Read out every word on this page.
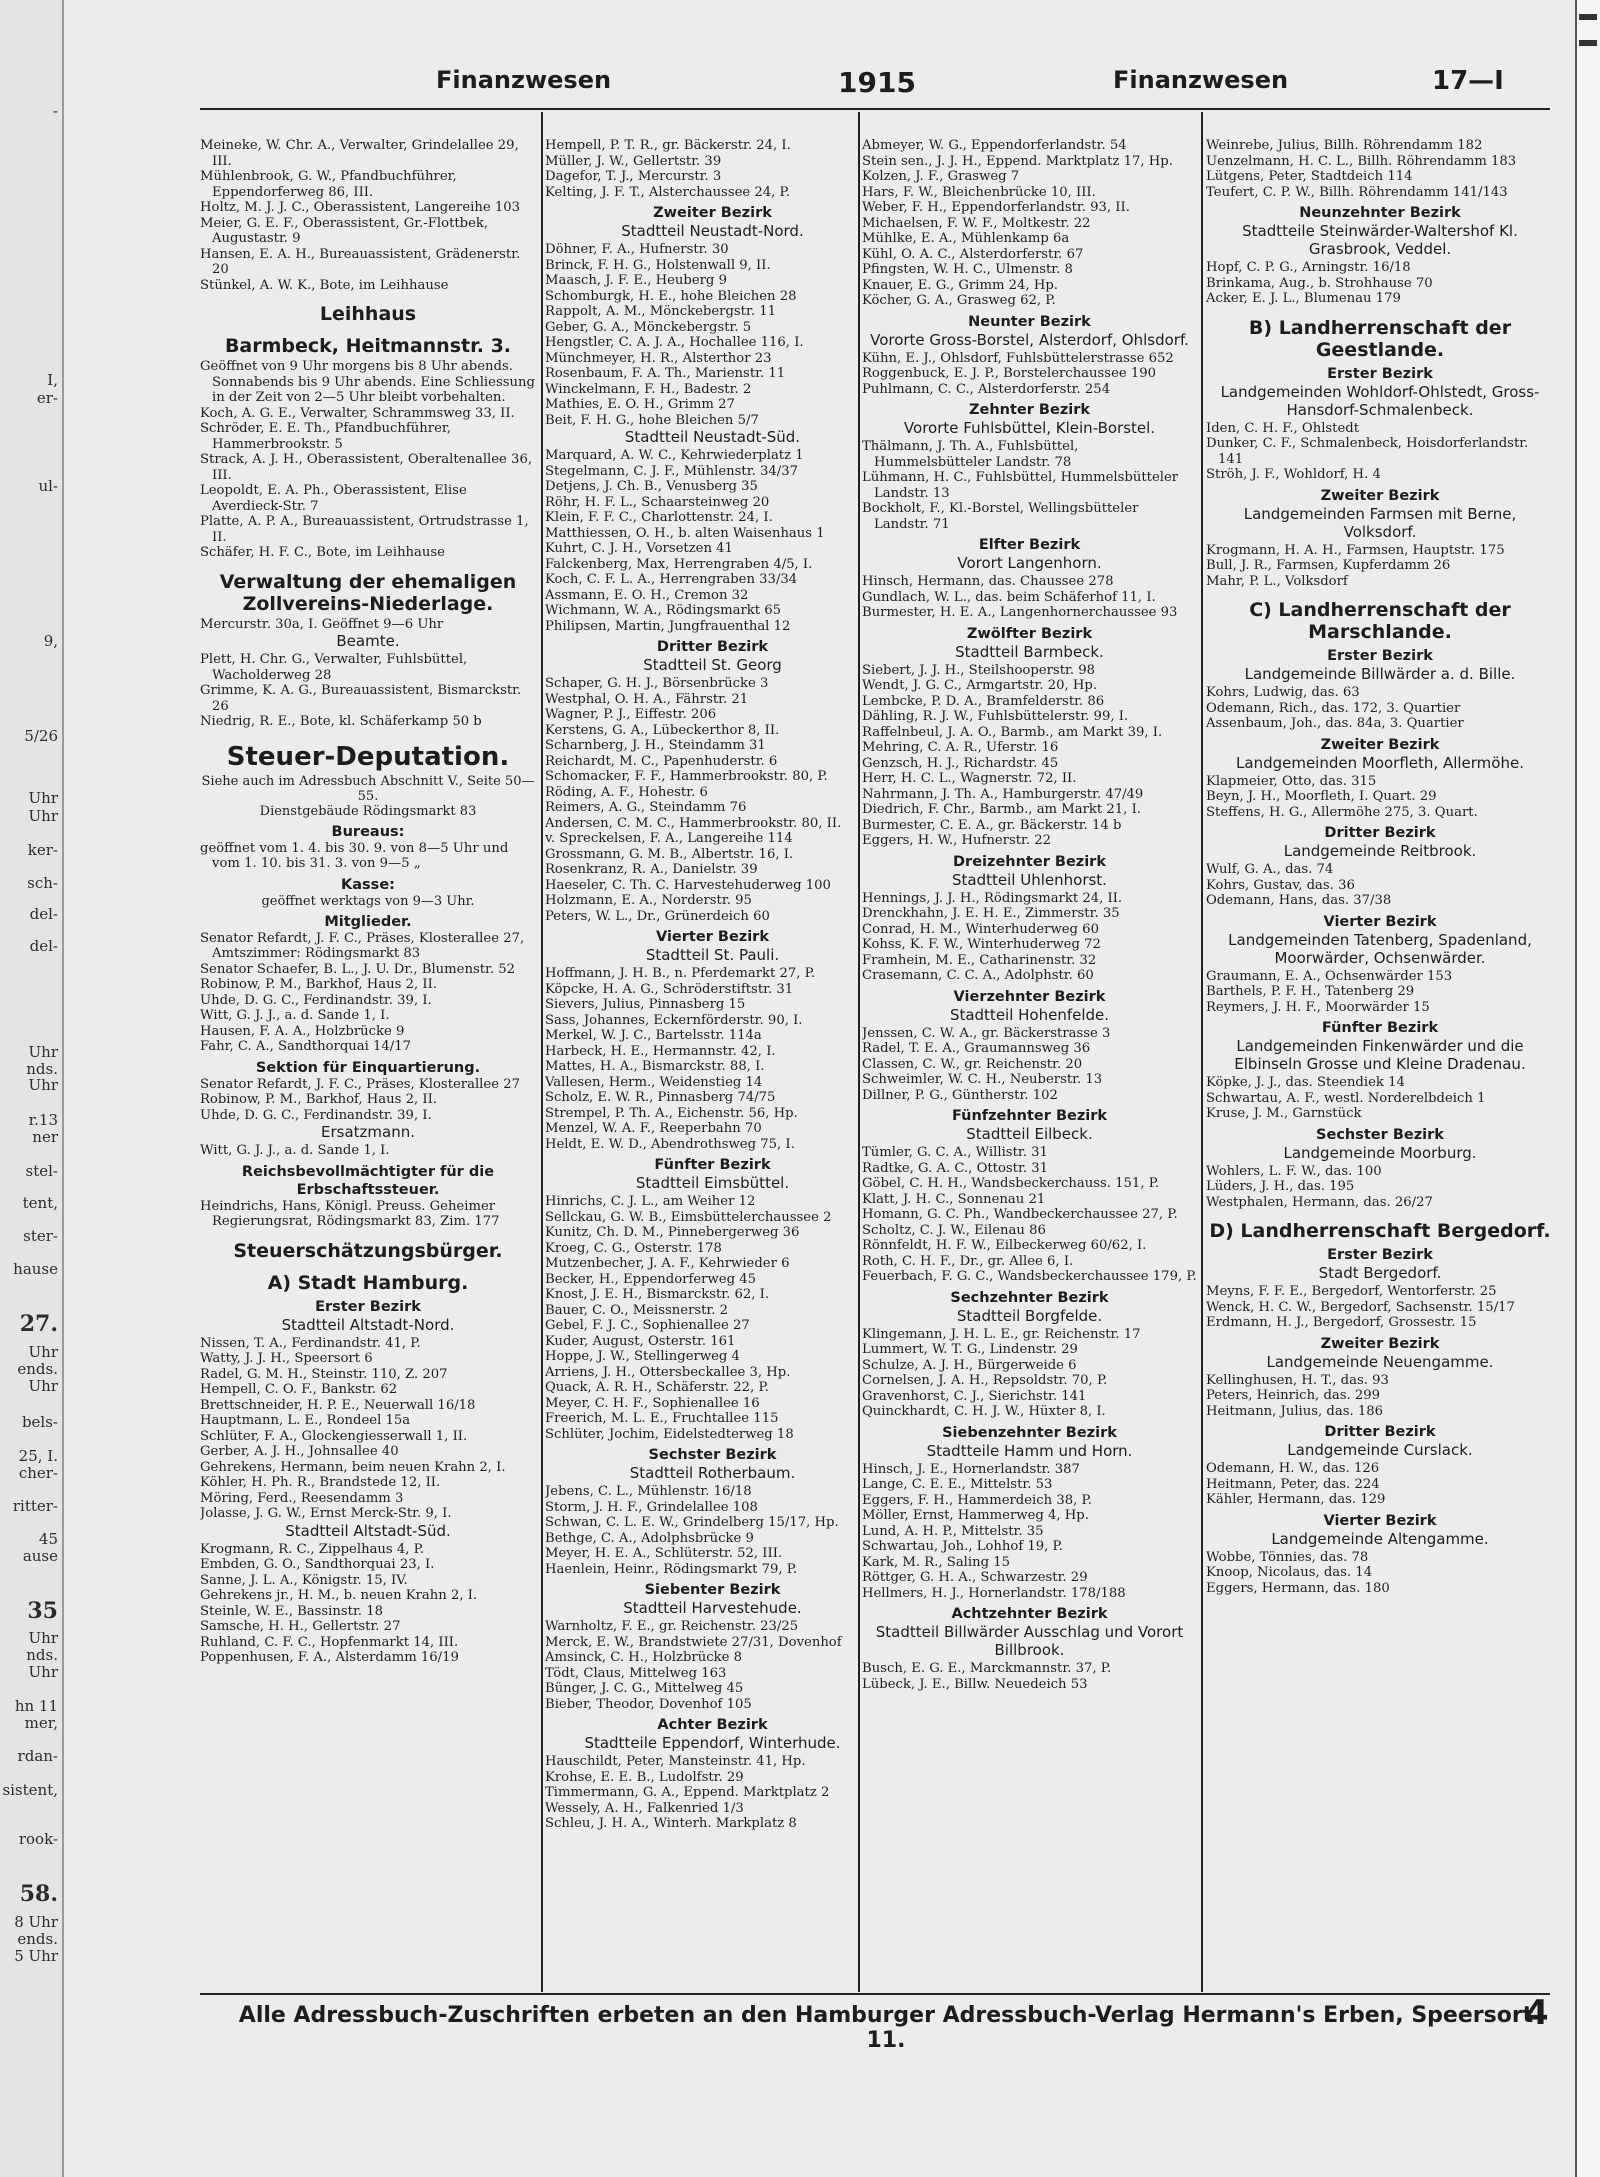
-
I,
er-
ul-
9,
5/26
Uhr
Uhr
ker-
sch-
del-
del-
Uhr
nds.
Uhr
r.13
ner
stel-
tent,
ster-
hause
27.
Uhr
ends.
Uhr
bels-
25, I.
cher-
ritter-
45
ause
35
Uhr
nds.
Uhr
hn 11
mer,
rdan-
sistent,
rook-
58.
8 Uhr
ends.
5 Uhr
Finanzwesen	1915	Finanzwesen	17—I

Meineke, W. Chr. A., Verwalter, Grindelallee 29, III.

Mühlenbrook, G. W., Pfandbuchführer, Eppendorferweg 86, III.

Holtz, M. J. J. C., Oberassistent, Langereihe 103

Meier, G. E. F., Oberassistent, Gr.-Flottbek, Augustastr. 9

Hansen, E. A. H., Bureauassistent, Grädenerstr. 20

Stünkel, A. W. K., Bote, im Leihhause

Leihhaus

Barmbeck, Heitmannstr. 3.

Geöffnet von 9 Uhr morgens bis 8 Uhr abends. Sonnabends bis 9 Uhr abends. Eine Schliessung in der Zeit von 2—5 Uhr bleibt vorbehalten.

Koch, A. G. E., Verwalter, Schrammsweg 33, II.

Schröder, E. E. Th., Pfandbuchführer, Hammerbrookstr. 5

Strack, A. J. H., Oberassistent, Oberaltenallee 36, III.

Leopoldt, E. A. Ph., Oberassistent, Elise Averdieck-Str. 7

Platte, A. P. A., Bureauassistent, Ortrudstrasse 1, II.

Schäfer, H. F. C., Bote, im Leihhause

Verwaltung der ehemaligen Zollvereins-Niederlage.

Mercurstr. 30a, I. Geöffnet 9—6 Uhr

Beamte.

Plett, H. Chr. G., Verwalter, Fuhlsbüttel, Wacholderweg 28

Grimme, K. A. G., Bureauassistent, Bismarckstr. 26

Niedrig, R. E., Bote, kl. Schäferkamp 50 b

Steuer-Deputation.

Siehe auch im Adressbuch Abschnitt V., Seite 50—55.

Dienstgebäude Rödingsmarkt 83

Bureaus:

geöffnet vom 1. 4. bis 30. 9. von 8—5 Uhr und vom 1. 10. bis 31. 3. von 9—5 „

Kasse:

geöffnet werktags von 9—3 Uhr.

Mitglieder.

Senator Refardt, J. F. C., Präses, Klosterallee 27, Amtszimmer: Rödingsmarkt 83

Senator Schaefer, B. L., J. U. Dr., Blumenstr. 52

Robinow, P. M., Barkhof, Haus 2, II.

Uhde, D. G. C., Ferdinandstr. 39, I.

Witt, G. J. J., a. d. Sande 1, I.

Hausen, F. A. A., Holzbrücke 9

Fahr, C. A., Sandthorquai 14/17

Sektion für Einquartierung.

Senator Refardt, J. F. C., Präses, Klosterallee 27

Robinow, P. M., Barkhof, Haus 2, II.

Uhde, D. G. C., Ferdinandstr. 39, I.

Ersatzmann.

Witt, G. J. J., a. d. Sande 1, I.

Reichsbevollmächtigter für die Erbschaftssteuer.

Heindrichs, Hans, Königl. Preuss. Geheimer Regierungsrat, Rödingsmarkt 83, Zim. 177

Steuerschätzungsbürger.

A) Stadt Hamburg.

Erster Bezirk

Stadtteil Altstadt-Nord.

Nissen, T. A., Ferdinandstr. 41, P.

Watty, J. J. H., Speersort 6

Radel, G. M. H., Steinstr. 110, Z. 207

Hempell, C. O. F., Bankstr. 62

Brettschneider, H. P. E., Neuerwall 16/18

Hauptmann, L. E., Rondeel 15a

Schlüter, F. A., Glockengiesserwall 1, II.

Gerber, A. J. H., Johnsallee 40

Gehrekens, Hermann, beim neuen Krahn 2, I.

Köhler, H. Ph. R., Brandstede 12, II.

Möring, Ferd., Reesendamm 3

Jolasse, J. G. W., Ernst Merck-Str. 9, I.

Stadtteil Altstadt-Süd.

Krogmann, R. C., Zippelhaus 4, P.

Embden, G. O., Sandthorquai 23, I.

Sanne, J. L. A., Königstr. 15, IV.

Gehrekens jr., H. M., b. neuen Krahn 2, I.

Steinle, W. E., Bassinstr. 18

Samsche, H. H., Gellertstr. 27

Ruhland, C. F. C., Hopfenmarkt 14, III.

Poppenhusen, F. A., Alsterdamm 16/19

Hempell, P. T. R., gr. Bäckerstr. 24, I.

Müller, J. W., Gellertstr. 39

Dagefor, T. J., Mercurstr. 3

Kelting, J. F. T., Alsterchaussee 24, P.

Zweiter Bezirk

Stadtteil Neustadt-Nord.

Döhner, F. A., Hufnerstr. 30

Brinck, F. H. G., Holstenwall 9, II.

Maasch, J. F. E., Heuberg 9

Schomburgk, H. E., hohe Bleichen 28

Rappolt, A. M., Mönckebergstr. 11

Geber, G. A., Mönckebergstr. 5

Hengstler, C. A. J. A., Hochallee 116, I.

Münchmeyer, H. R., Alsterthor 23

Rosenbaum, F. A. Th., Marienstr. 11

Winckelmann, F. H., Badestr. 2

Mathies, E. O. H., Grimm 27

Beit, F. H. G., hohe Bleichen 5/7

Stadtteil Neustadt-Süd.

Marquard, A. W. C., Kehrwiederplatz 1

Stegelmann, C. J. F., Mühlenstr. 34/37

Detjens, J. Ch. B., Venusberg 35

Röhr, H. F. L., Schaarsteinweg 20

Klein, F. F. C., Charlottenstr. 24, I.

Matthiessen, O. H., b. alten Waisenhaus 1

Kuhrt, C. J. H., Vorsetzen 41

Falckenberg, Max, Herrengraben 4/5, I.

Koch, C. F. L. A., Herrengraben 33/34

Assmann, E. O. H., Cremon 32

Wichmann, W. A., Rödingsmarkt 65

Philipsen, Martin, Jungfrauenthal 12

Dritter Bezirk

Stadtteil St. Georg

Schaper, G. H. J., Börsenbrücke 3

Westphal, O. H. A., Fährstr. 21

Wagner, P. J., Eiffestr. 206

Kerstens, G. A., Lübeckerthor 8, II.

Scharnberg, J. H., Steindamm 31

Reichardt, M. C., Papenhuderstr. 6

Schomacker, F. F., Hammerbrookstr. 80, P.

Röding, A. F., Hohestr. 6

Reimers, A. G., Steindamm 76

Andersen, C. M. C., Hammerbrookstr. 80, II.

v. Spreckelsen, F. A., Langereihe 114

Grossmann, G. M. B., Albertstr. 16, I.

Rosenkranz, R. A., Danielstr. 39

Haeseler, C. Th. C. Harvestehuderweg 100

Holzmann, E. A., Norderstr. 95

Peters, W. L., Dr., Grünerdeich 60

Vierter Bezirk

Stadtteil St. Pauli.

Hoffmann, J. H. B., n. Pferdemarkt 27, P.

Köpcke, H. A. G., Schröderstiftstr. 31

Sievers, Julius, Pinnasberg 15

Sass, Johannes, Eckernförderstr. 90, I.

Merkel, W. J. C., Bartelsstr. 114a

Harbeck, H. E., Hermannstr. 42, I.

Mattes, H. A., Bismarckstr. 88, I.

Vallesen, Herm., Weidenstieg 14

Scholz, E. W. R., Pinnasberg 74/75

Strempel, P. Th. A., Eichenstr. 56, Hp.

Menzel, W. A. F., Reeperbahn 70

Heldt, E. W. D., Abendrothsweg 75, I.

Fünfter Bezirk

Stadtteil Eimsbüttel.

Hinrichs, C. J. L., am Weiher 12

Sellckau, G. W. B., Eimsbüttelerchaussee 2

Kunitz, Ch. D. M., Pinnebergerweg 36

Kroeg, C. G., Osterstr. 178

Mutzenbecher, J. A. F., Kehrwieder 6

Becker, H., Eppendorferweg 45

Knost, J. E. H., Bismarckstr. 62, I.

Bauer, C. O., Meissnerstr. 2

Gebel, F. J. C., Sophienallee 27

Kuder, August, Osterstr. 161

Hoppe, J. W., Stellingerweg 4

Arriens, J. H., Ottersbeckallee 3, Hp.

Quack, A. R. H., Schäferstr. 22, P.

Meyer, C. H. F., Sophienallee 16

Freerich, M. L. E., Fruchtallee 115

Schlüter, Jochim, Eidelstedterweg 18

Sechster Bezirk

Stadtteil Rotherbaum.

Jebens, C. L., Mühlenstr. 16/18

Storm, J. H. F., Grindelallee 108

Schwan, C. L. E. W., Grindelberg 15/17, Hp.

Bethge, C. A., Adolphsbrücke 9

Meyer, H. E. A., Schlüterstr. 52, III.

Haenlein, Heinr., Rödingsmarkt 79, P.

Siebenter Bezirk

Stadtteil Harvestehude.

Warnholtz, F. E., gr. Reichenstr. 23/25

Merck, E. W., Brandstwiete 27/31, Dovenhof

Amsinck, C. H., Holzbrücke 8

Tödt, Claus, Mittelweg 163

Bünger, J. C. G., Mittelweg 45

Bieber, Theodor, Dovenhof 105

Achter Bezirk

Stadtteile Eppendorf, Winterhude.

Hauschildt, Peter, Mansteinstr. 41, Hp.

Krohse, E. E. B., Ludolfstr. 29

Timmermann, G. A., Eppend. Marktplatz 2

Wessely, A. H., Falkenried 1/3

Schleu, J. H. A., Winterh. Markplatz 8

Abmeyer, W. G., Eppendorferlandstr. 54

Stein sen., J. J. H., Eppend. Marktplatz 17, Hp.

Kolzen, J. F., Grasweg 7

Hars, F. W., Bleichenbrücke 10, III.

Weber, F. H., Eppendorferlandstr. 93, II.

Michaelsen, F. W. F., Moltkestr. 22

Mühlke, E. A., Mühlenkamp 6a

Kühl, O. A. C., Alsterdorferstr. 67

Pfingsten, W. H. C., Ulmenstr. 8

Knauer, E. G., Grimm 24, Hp.

Köcher, G. A., Grasweg 62, P.

Neunter Bezirk

Vororte Gross-Borstel, Alsterdorf, Ohlsdorf.

Kühn, E. J., Ohlsdorf, Fuhlsbüttelerstrasse 652

Roggenbuck, E. J. P., Borstelerchaussee 190

Puhlmann, C. C., Alsterdorferstr. 254

Zehnter Bezirk

Vororte Fuhlsbüttel, Klein-Borstel.

Thälmann, J. Th. A., Fuhlsbüttel, Hummelsbütteler Landstr. 78

Lühmann, H. C., Fuhlsbüttel, Hummelsbütteler Landstr. 13

Bockholt, F., Kl.-Borstel, Wellingsbütteler Landstr. 71

Elfter Bezirk

Vorort Langenhorn.

Hinsch, Hermann, das. Chaussee 278

Gundlach, W. L., das. beim Schäferhof 11, I.

Burmester, H. E. A., Langenhornerchaussee 93

Zwölfter Bezirk

Stadtteil Barmbeck.

Siebert, J. J. H., Steilshooperstr. 98

Wendt, J. G. C., Armgartstr. 20, Hp.

Lembcke, P. D. A., Bramfelderstr. 86

Dähling, R. J. W., Fuhlsbüttelerstr. 99, I.

Raffelnbeul, J. A. O., Barmb., am Markt 39, I.

Mehring, C. A. R., Uferstr. 16

Genzsch, H. J., Richardstr. 45

Herr, H. C. L., Wagnerstr. 72, II.

Nahrmann, J. Th. A., Hamburgerstr. 47/49

Diedrich, F. Chr., Barmb., am Markt 21, I.

Burmester, C. E. A., gr. Bäckerstr. 14 b

Eggers, H. W., Hufnerstr. 22

Dreizehnter Bezirk

Stadtteil Uhlenhorst.

Hennings, J. J. H., Rödingsmarkt 24, II.

Drenckhahn, J. E. H. E., Zimmerstr. 35

Conrad, H. M., Winterhuderweg 60

Kohss, K. F. W., Winterhuderweg 72

Framhein, M. E., Catharinenstr. 32

Crasemann, C. C. A., Adolphstr. 60

Vierzehnter Bezirk

Stadtteil Hohenfelde.

Jenssen, C. W. A., gr. Bäckerstrasse 3

Radel, T. E. A., Graumannsweg 36

Classen, C. W., gr. Reichenstr. 20

Schweimler, W. C. H., Neuberstr. 13

Dillner, P. G., Güntherstr. 102

Fünfzehnter Bezirk

Stadtteil Eilbeck.

Tümler, G. C. A., Willistr. 31

Radtke, G. A. C., Ottostr. 31

Göbel, C. H. H., Wandsbeckerchauss. 151, P.

Klatt, J. H. C., Sonnenau 21

Homann, G. C. Ph., Wandbeckerchaussee 27, P.

Scholtz, C. J. W., Eilenau 86

Rönnfeldt, H. F. W., Eilbeckerweg 60/62, I.

Roth, C. H. F., Dr., gr. Allee 6, I.

Feuerbach, F. G. C., Wandsbeckerchaussee 179, P.

Sechzehnter Bezirk

Stadtteil Borgfelde.

Klingemann, J. H. L. E., gr. Reichenstr. 17

Lummert, W. T. G., Lindenstr. 29

Schulze, A. J. H., Bürgerweide 6

Cornelsen, J. A. H., Repsoldstr. 70, P.

Gravenhorst, C. J., Sierichstr. 141

Quinckhardt, C. H. J. W., Hüxter 8, I.

Siebenzehnter Bezirk

Stadtteile Hamm und Horn.

Hinsch, J. E., Hornerlandstr. 387

Lange, C. E. E., Mittelstr. 53

Eggers, F. H., Hammerdeich 38, P.

Möller, Ernst, Hammerweg 4, Hp.

Lund, A. H. P., Mittelstr. 35

Schwartau, Joh., Lohhof 19, P.

Kark, M. R., Saling 15

Röttger, G. H. A., Schwarzestr. 29

Hellmers, H. J., Hornerlandstr. 178/188

Achtzehnter Bezirk

Stadtteil Billwärder Ausschlag und Vorort Billbrook.

Busch, E. G. E., Marckmannstr. 37, P.

Lübeck, J. E., Billw. Neuedeich 53

Weinrebe, Julius, Billh. Röhrendamm 182

Uenzelmann, H. C. L., Billh. Röhrendamm 183

Lütgens, Peter, Stadtdeich 114

Teufert, C. P. W., Billh. Röhrendamm 141/143

Neunzehnter Bezirk

Stadtteile Steinwärder-Waltershof Kl. Grasbrook, Veddel.

Hopf, C. P. G., Arningstr. 16/18

Brinkama, Aug., b. Strohhause 70

Acker, E. J. L., Blumenau 179

B) Landherrenschaft der Geestlande.

Erster Bezirk

Landgemeinden Wohldorf-Ohlstedt, Gross-Hansdorf-Schmalenbeck.

Iden, C. H. F., Ohlstedt

Dunker, C. F., Schmalenbeck, Hoisdorferlandstr. 141

Ströh, J. F., Wohldorf, H. 4

Zweiter Bezirk

Landgemeinden Farmsen mit Berne, Volksdorf.

Krogmann, H. A. H., Farmsen, Hauptstr. 175

Bull, J. R., Farmsen, Kupferdamm 26

Mahr, P. L., Volksdorf

C) Landherrenschaft der Marschlande.

Erster Bezirk

Landgemeinde Billwärder a. d. Bille.

Kohrs, Ludwig, das. 63

Odemann, Rich., das. 172, 3. Quartier

Assenbaum, Joh., das. 84a, 3. Quartier

Zweiter Bezirk

Landgemeinden Moorfleth, Allermöhe.

Klapmeier, Otto, das. 315

Beyn, J. H., Moorfleth, I. Quart. 29

Steffens, H. G., Allermöhe 275, 3. Quart.

Dritter Bezirk

Landgemeinde Reitbrook.

Wulf, G. A., das. 74

Kohrs, Gustav, das. 36

Odemann, Hans, das. 37/38

Vierter Bezirk

Landgemeinden Tatenberg, Spadenland, Moorwärder, Ochsenwärder.

Graumann, E. A., Ochsenwärder 153

Barthels, P. F. H., Tatenberg 29

Reymers, J. H. F., Moorwärder 15

Fünfter Bezirk

Landgemeinden Finkenwärder und die Elbinseln Grosse und Kleine Dradenau.

Köpke, J. J., das. Steendiek 14

Schwartau, A. F., westl. Norderelbdeich 1

Kruse, J. M., Garnstück

Sechster Bezirk

Landgemeinde Moorburg.

Wohlers, L. F. W., das. 100

Lüders, J. H., das. 195

Westphalen, Hermann, das. 26/27

D) Landherrenschaft Bergedorf.

Erster Bezirk

Stadt Bergedorf.

Meyns, F. F. E., Bergedorf, Wentorferstr. 25

Wenck, H. C. W., Bergedorf, Sachsenstr. 15/17

Erdmann, H. J., Bergedorf, Grossestr. 15

Zweiter Bezirk

Landgemeinde Neuengamme.

Kellinghusen, H. T., das. 93

Peters, Heinrich, das. 299

Heitmann, Julius, das. 186

Dritter Bezirk

Landgemeinde Curslack.

Odemann, H. W., das. 126

Heitmann, Peter, das. 224

Kähler, Hermann, das. 129

Vierter Bezirk

Landgemeinde Altengamme.

Wobbe, Tönnies, das. 78

Knoop, Nicolaus, das. 14

Eggers, Hermann, das. 180

Alle Adressbuch-Zuschriften erbeten an den Hamburger Adressbuch-Verlag Hermann's Erben, Speersort 11.
4
